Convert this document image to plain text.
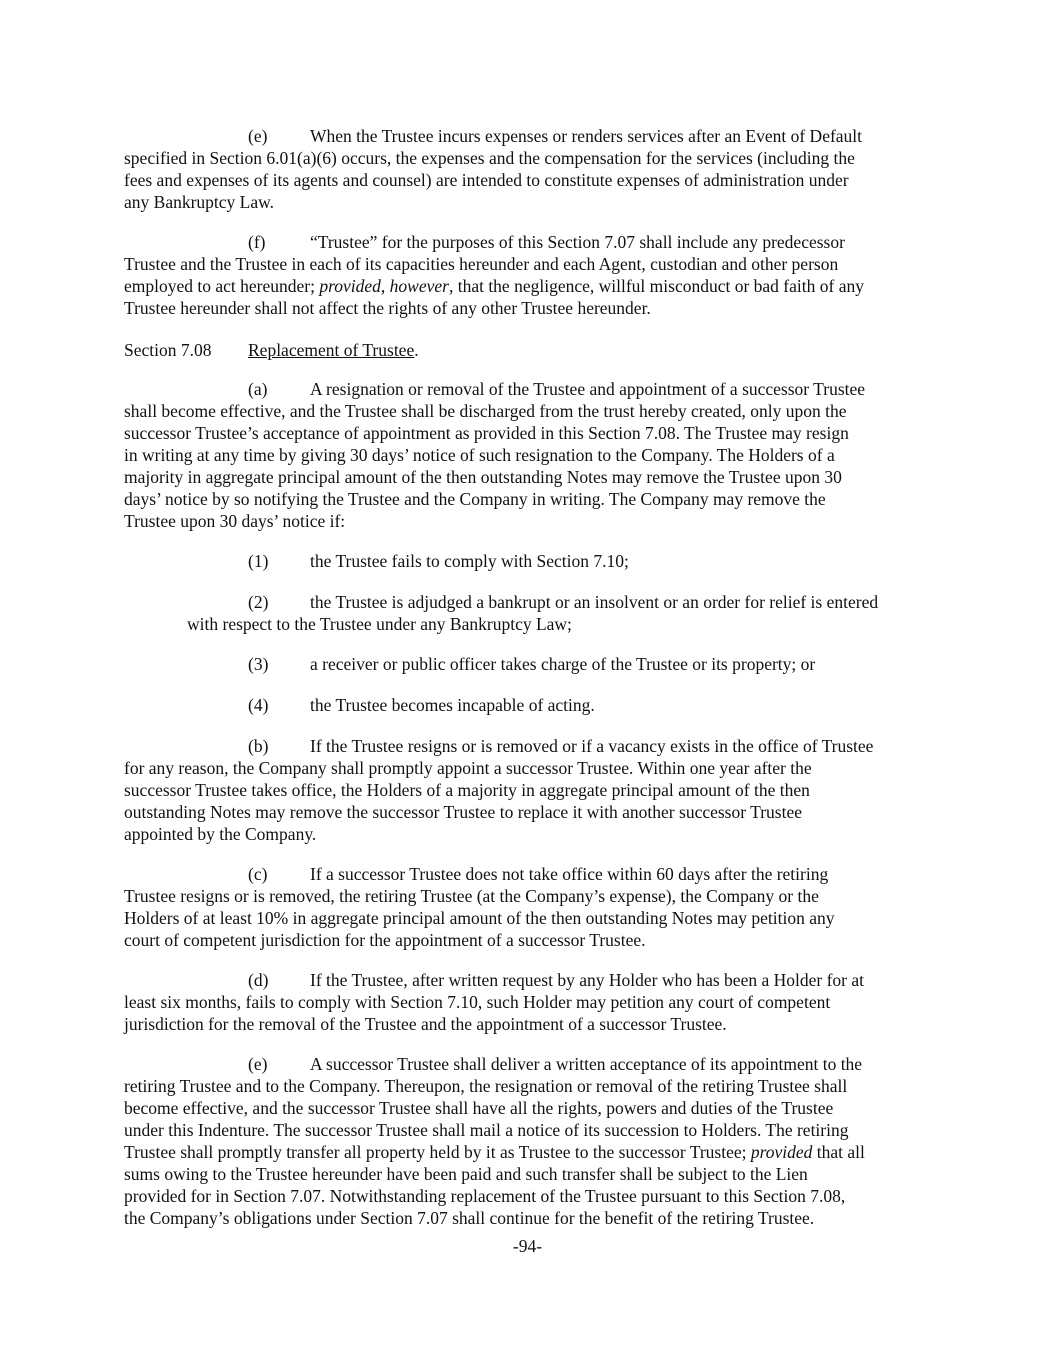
(e) When the Trustee incurs expenses or renders services after an Event of Default

specified in Section 6.01(a)(6) occurs, the expenses and the compensation for the services (including the

fees and expenses of its agents and counsel) are intended to constitute expenses of administration under

any Bankruptcy Law.

(f)	“Trustee” for the purposes of this Section 7.07 shall include any predecessor

Trustee and the Trustee in each of its capacities hereunder and each Agent, custodian and other person

employed to act hereunder; provided, however, that the negligence, willful misconduct or bad faith of any

Trustee hereunder shall not affect the rights of any other Trustee hereunder.

Section 7.08 Replacement of Trustee.

(a) A resignation or removal of the Trustee and appointment of a successor Trustee

shall become effective, and the Trustee shall be discharged from the trust hereby created, only upon the

successor Trustee’s acceptance of appointment as provided in this Section 7.08. The Trustee may resign

in writing at any time by giving 30 days’ notice of such resignation to the Company. The Holders of a

majority in aggregate principal amount of the then outstanding Notes may remove the Trustee upon 30

days’ notice by so notifying the Trustee and the Company in writing. The Company may remove the

Trustee upon 30 days’ notice if:

(1) the Trustee fails to comply with Section 7.10;

(2) the Trustee is adjudged a bankrupt or an insolvent or an order for relief is entered

with respect to the Trustee under any Bankruptcy Law;

(3) a receiver or public officer takes charge of the Trustee or its property; or

(4) the Trustee becomes incapable of acting.

(b) If the Trustee resigns or is removed or if a vacancy exists in the office of Trustee

for any reason, the Company shall promptly appoint a successor Trustee. Within one year after the

successor Trustee takes office, the Holders of a majority in aggregate principal amount of the then

outstanding Notes may remove the successor Trustee to replace it with another successor Trustee

appointed by the Company.

(c) If a successor Trustee does not take office within 60 days after the retiring

Trustee resigns or is removed, the retiring Trustee (at the Company’s expense), the Company or the

Holders of at least 10% in aggregate principal amount of the then outstanding Notes may petition any

court of competent jurisdiction for the appointment of a successor Trustee.

(d) If the Trustee, after written request by any Holder who has been a Holder for at

least six months, fails to comply with Section 7.10, such Holder may petition any court of competent

jurisdiction for the removal of the Trustee and the appointment of a successor Trustee.

(e) A successor Trustee shall deliver a written acceptance of its appointment to the

retiring Trustee and to the Company. Thereupon, the resignation or removal of the retiring Trustee shall

become effective, and the successor Trustee shall have all the rights, powers and duties of the Trustee

under this Indenture. The successor Trustee shall mail a notice of its succession to Holders. The retiring

Trustee shall promptly transfer all property held by it as Trustee to the successor Trustee; provided that all

sums owing to the Trustee hereunder have been paid and such transfer shall be subject to the Lien

provided for in Section 7.07. Notwithstanding replacement of the Trustee pursuant to this Section 7.08,

the Company’s obligations under Section 7.07 shall continue for the benefit of the retiring Trustee.

-94-
